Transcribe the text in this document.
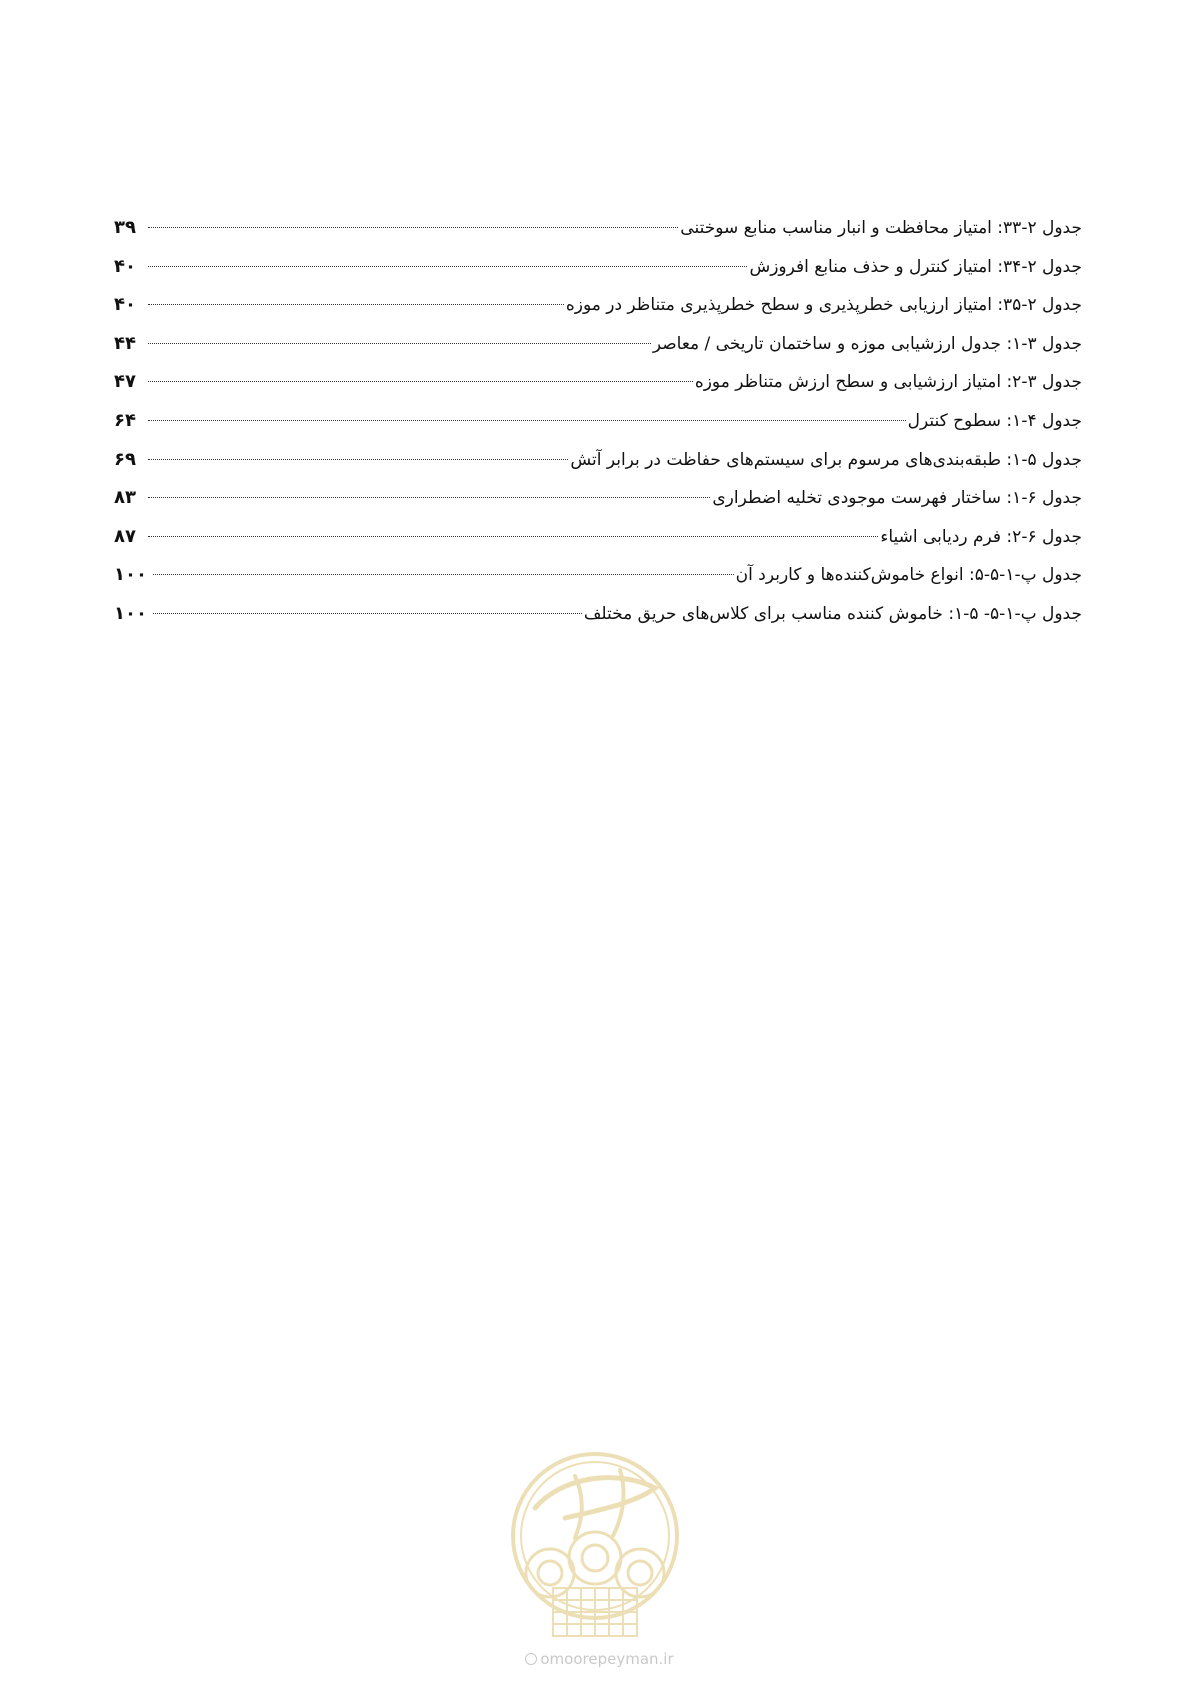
جدول ۲-۳۳: امتیاز محافظت و انبار مناسب منابع سوختنی
۳۹
جدول ۲-۳۴: امتیاز کنترل و حذف منابع افروزش
۴۰
جدول ۲-۳۵: امتیاز ارزیابی خطرپذیری و سطح خطرپذیری متناظر در موزه
۴۰
جدول ۳-۱: جدول ارزشیابی موزه و ساختمان تاریخی / معاصر
۴۴
جدول ۳-۲: امتیاز ارزشیابی و سطح ارزش متناظر موزه
۴۷
جدول ۴-۱: سطوح کنترل
۶۴
جدول ۵-۱: طبقه‌بندی‌های مرسوم برای سیستم‌های حفاظت در برابر آتش
۶۹
جدول ۶-۱: ساختار فهرست موجودی تخلیه اضطراری
۸۳
جدول ۶-۲: فرم ردیابی اشیاء
۸۷
جدول پ-۱-۵-۵: انواع خاموش‌کننده‌ها و کاربرد آن
۱۰۰
جدول پ-۱-۵- ۵-۱: خاموش کننده مناسب برای کلاس‌های حریق مختلف
۱۰۰
omoorepeyman.ir
